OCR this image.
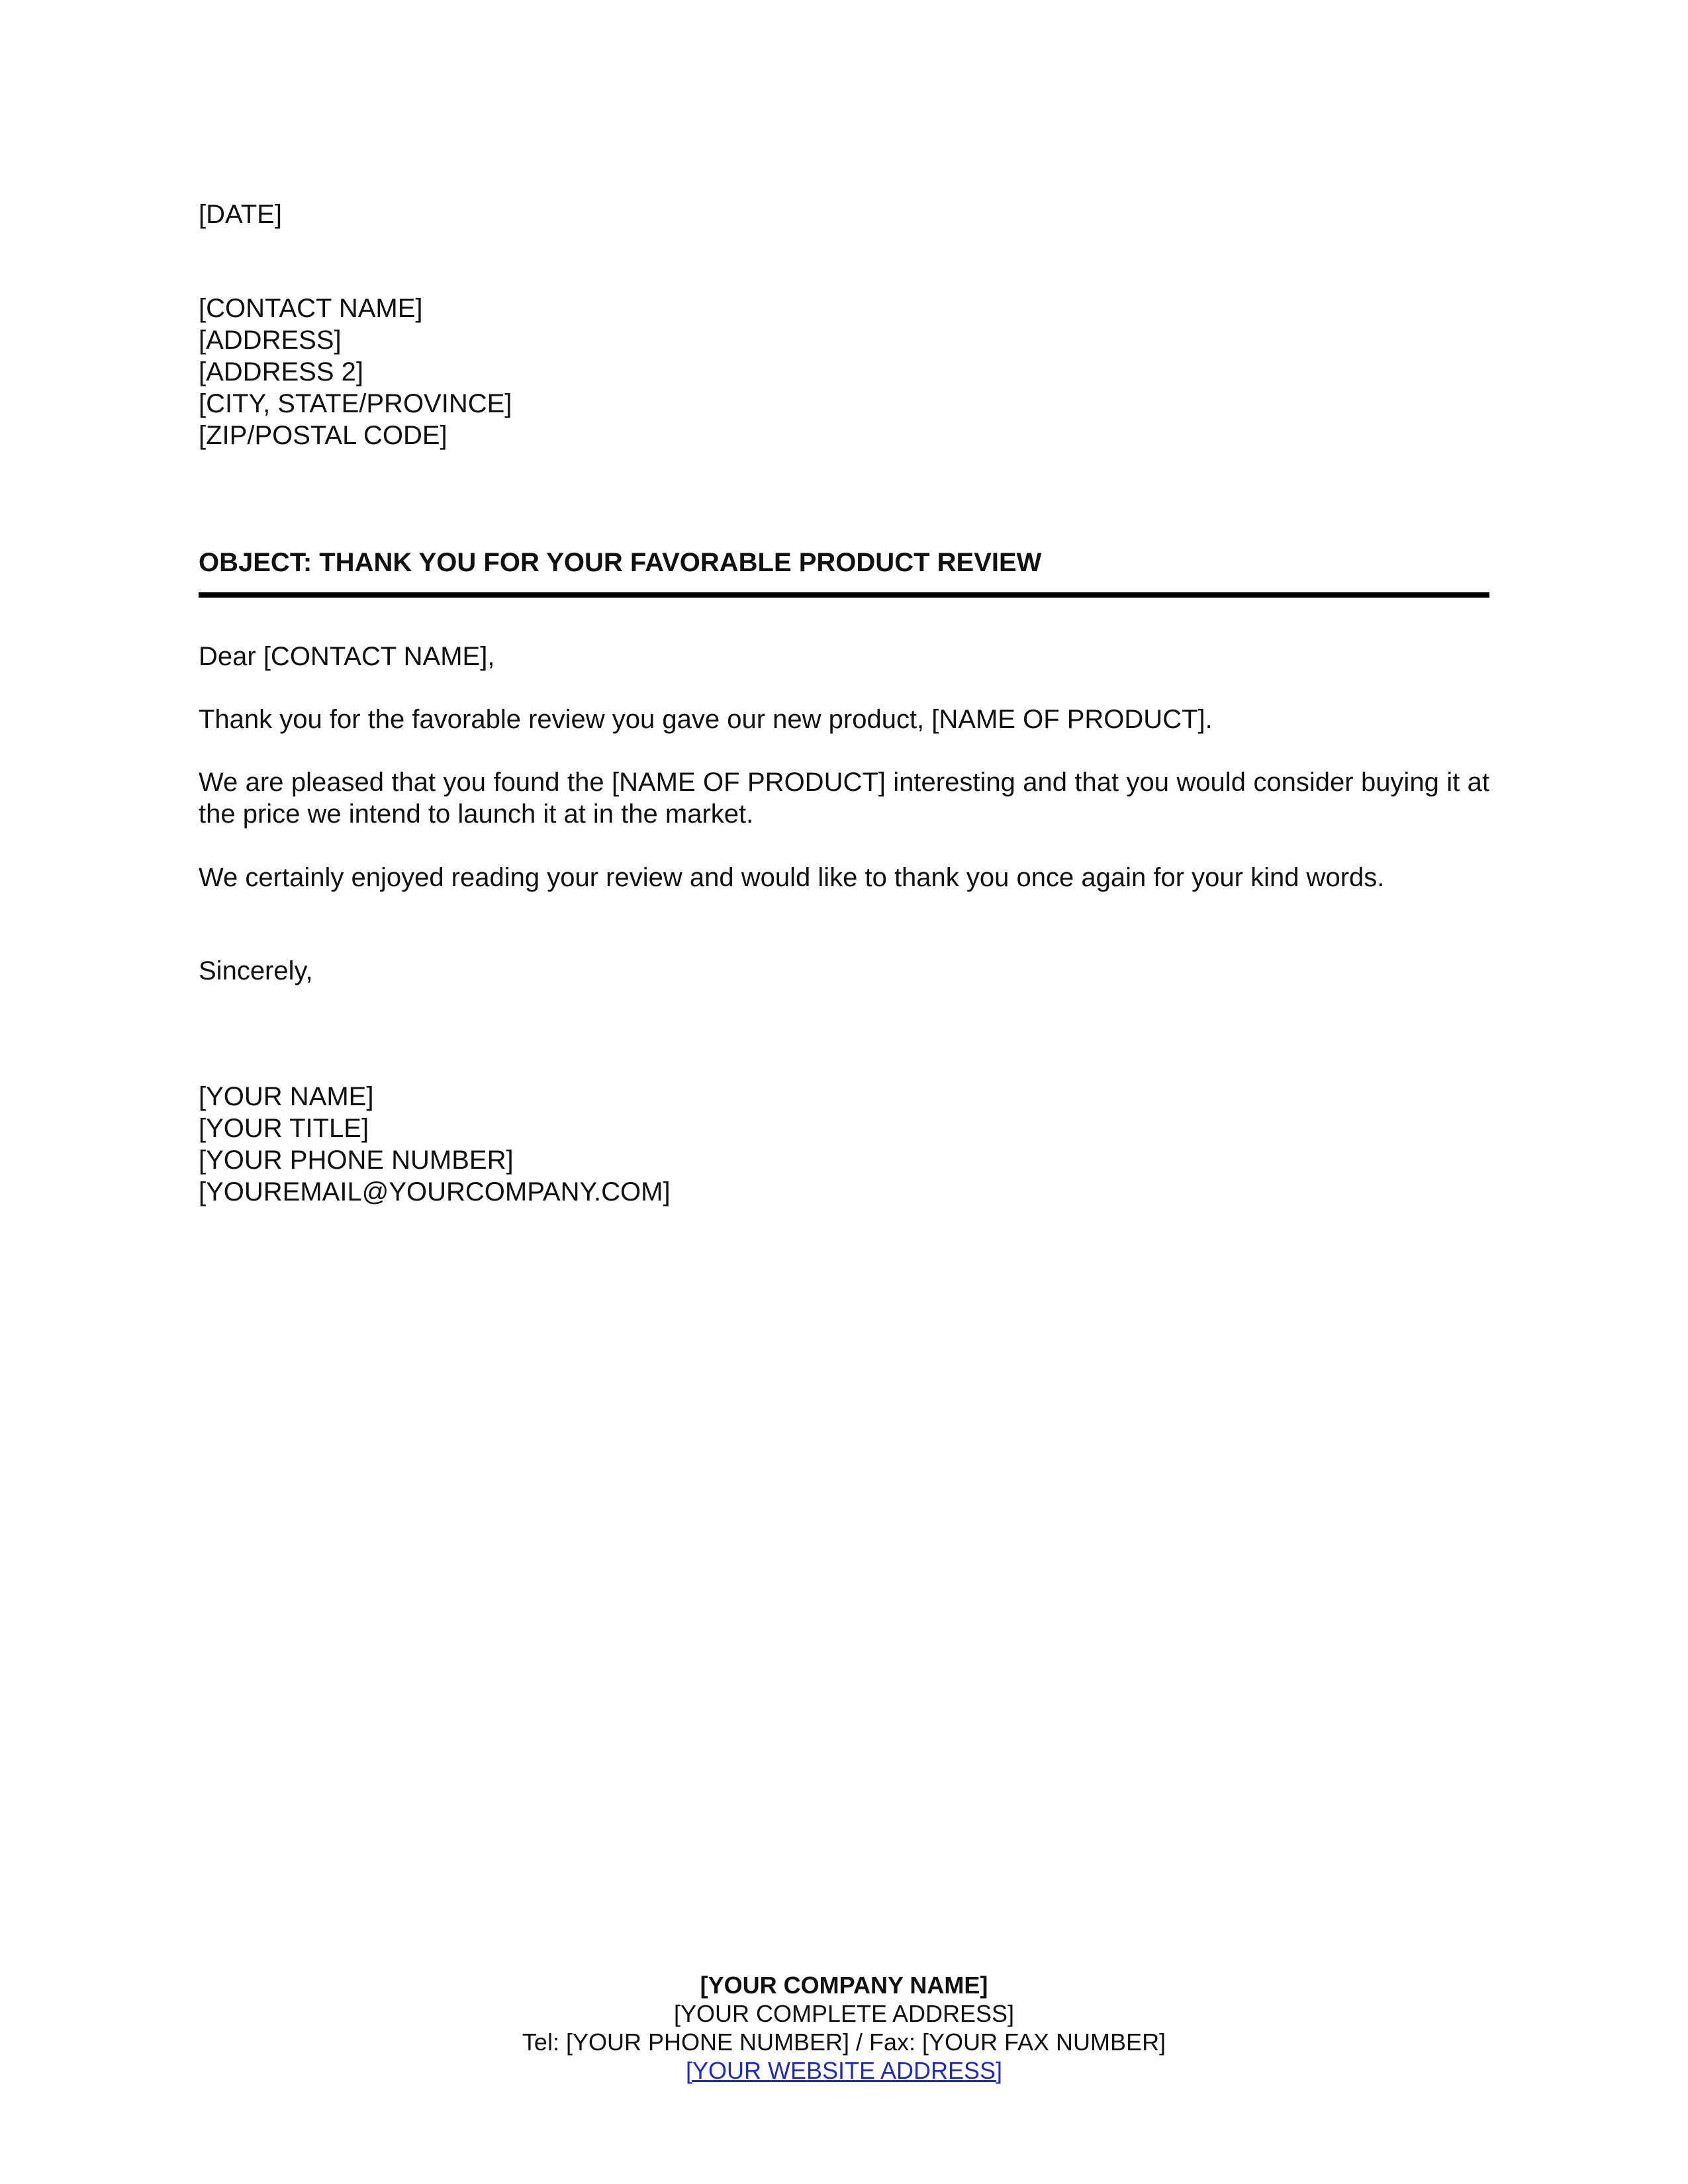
[DATE]
[CONTACT NAME]
[ADDRESS]
[ADDRESS 2]
[CITY, STATE/PROVINCE]
[ZIP/POSTAL CODE]
OBJECT: THANK YOU FOR YOUR FAVORABLE PRODUCT REVIEW
Dear [CONTACT NAME],
Thank you for the favorable review you gave our new product, [NAME OF PRODUCT].
We are pleased that you found the [NAME OF PRODUCT] interesting and that you would consider buying it at the price we intend to launch it at in the market.
We certainly enjoyed reading your review and would like to thank you once again for your kind words.
Sincerely,
[YOUR NAME]
[YOUR TITLE]
[YOUR PHONE NUMBER]
[YOUREMAIL@YOURCOMPANY.COM]
[YOUR COMPANY NAME]
[YOUR COMPLETE ADDRESS]
Tel: [YOUR PHONE NUMBER] / Fax: [YOUR FAX NUMBER]
[YOUR WEBSITE ADDRESS]
